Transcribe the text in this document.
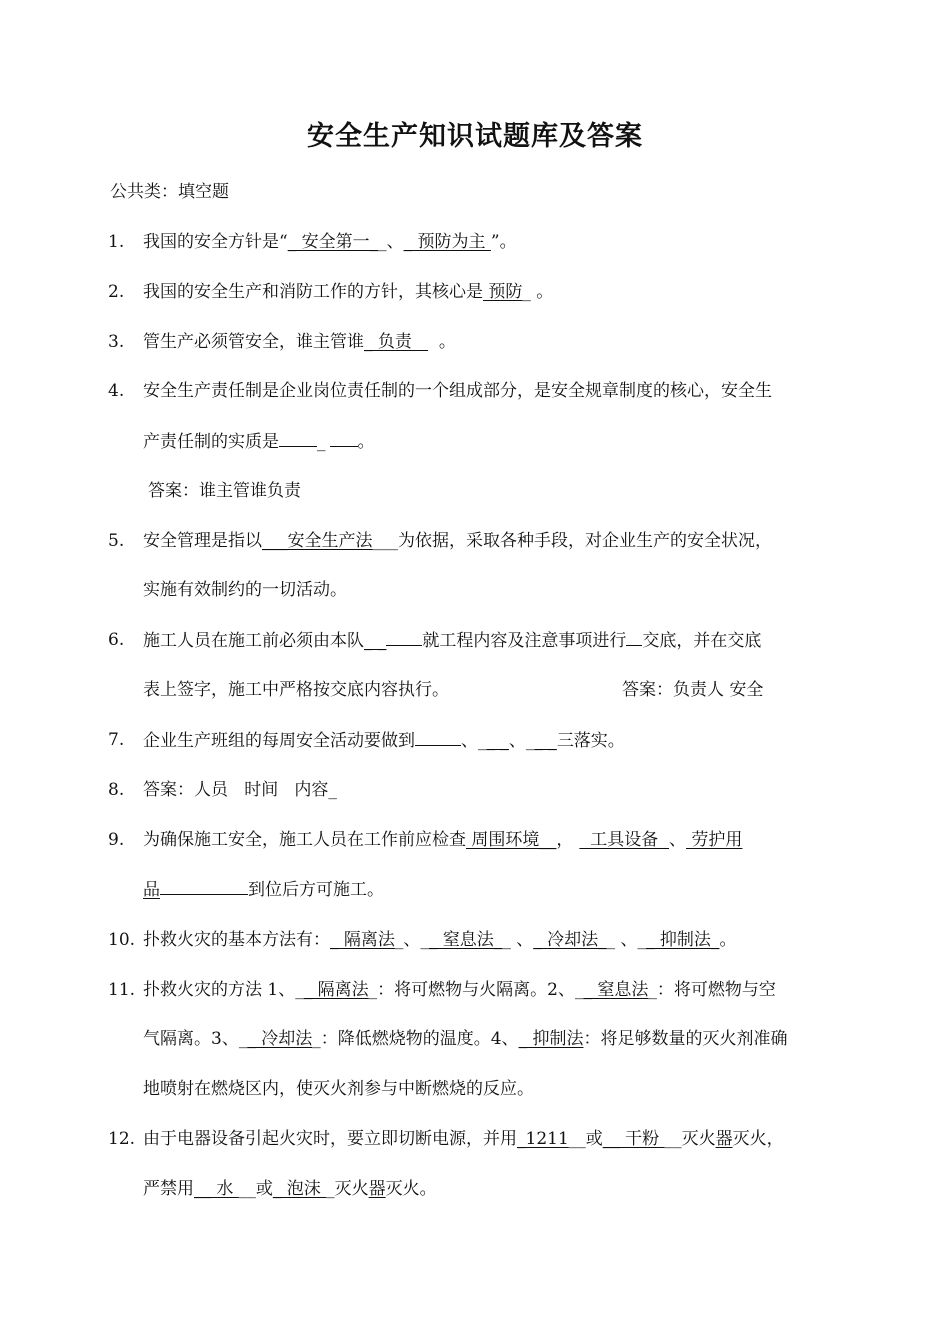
安全生产知识试题库及答案
公共类：填空题
1. 我国的安全方针是“_ 安全第一__、_ 预防为主 ”。
2. 我国的安全生产和消防工作的方针，其核心是 预防_ 。
3. 管生产必须管安全，谁主管谁_ 负责     。
4. 安全生产责任制是企业岗位责任制的一个组成部分，是安全规章制度的核心，安全生
产责任制的实质是 _ 。
答案：谁主管谁负责
5. 安全管理是指以___安全生产法___为依据，采取各种手段，对企业生产的安全状况，
实施有效制约的一切活动。
6. 施工人员在施工前必须由本队_ _ 就工程内容及注意事项进行 交底，并在交底
表上签字，施工中严格按交底内容执行。	答案：负责人 安全
7. 企业生产班组的每周安全活动要做到	、__ _、__ _三落实。
8. 答案：人员   时间   内容_
9. 为确保施工安全，施工人员在工作前应检查 周围环境__，  工具设备  、 劳护用
品	到位后方可施工。
10. 扑救火灾的基本方法有：_ 隔离法_、__ 窒息法__ 、_ 冷却法__ 、__ 抑制法_。
11. 扑救火灾的方法 1、__ 隔离法_：将可燃物与火隔离。2、__ 窒息法_：将可燃物与空
气隔离。3、__ 冷却法_：降低燃烧物的温度。4、_ 抑制法：将足够数量的灭火剂准确
地喷射在燃烧区内，使灭火剂参与中断燃烧的反应。
12. 由于电器设备引起火灾时，要立即切断电源，并用_1211__或__ 干粉 __灭火器灭火，
严禁用__ 水 __或_ 泡沫 _灭火器灭火。
